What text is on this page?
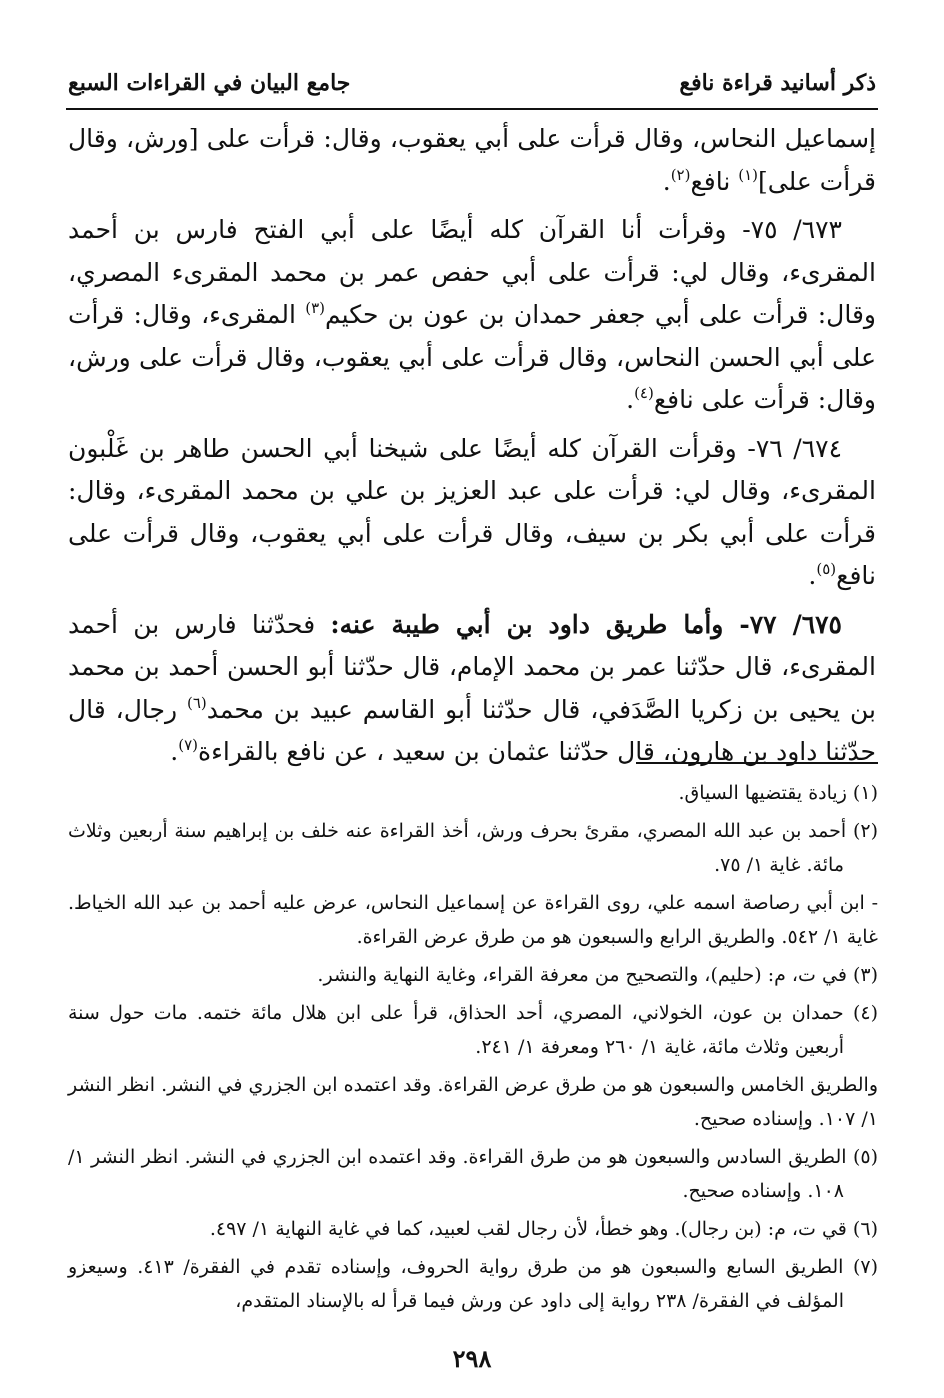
ذكر أسانيد قراءة نافع
جامع البيان في القراءات السبع

إسماعيل النحاس، وقال قرأت على أبي يعقوب، وقال: قرأت على [ورش، وقال قرأت على]$^{(١)}$ نافع$^{(٢)}$.

٦٧٣/ ٧٥- وقرأت أنا القرآن كله أيضًا على أبي الفتح فارس بن أحمد المقرىء، وقال لي: قرأت على أبي حفص عمر بن محمد المقرىء المصري، وقال: قرأت على أبي جعفر حمدان بن عون بن حكيم$^{(٣)}$ المقرىء، وقال: قرأت على أبي الحسن النحاس، وقال قرأت على أبي يعقوب، وقال قرأت على ورش، وقال: قرأت على نافع$^{(٤)}$.

٦٧٤/ ٧٦- وقرأت القرآن كله أيضًا على شيخنا أبي الحسن طاهر بن غَلْبون المقرىء، وقال لي: قرأت على عبد العزيز بن علي بن محمد المقرىء، وقال: قرأت على أبي بكر بن سيف، وقال قرأت على أبي يعقوب، وقال قرأت على نافع$^{(٥)}$.

٦٧٥/ ٧٧- وأما طريق داود بن أبي طيبة عنه: فحدّثنا فارس بن أحمد المقرىء، قال حدّثنا عمر بن محمد الإمام، قال حدّثنا أبو الحسن أحمد بن محمد بن يحيى بن زكريا الصَّدَفي، قال حدّثنا أبو القاسم عبيد بن محمد$^{(٦)}$ رجال، قال حدّثنا داود بن هارون، قال حدّثنا عثمان بن سعيد ، عن نافع بالقراءة$^{(٧)}$.

(١) زيادة يقتضيها السياق.
(٢) أحمد بن عبد الله المصري، مقرئ بحرف ورش، أخذ القراءة عنه خلف بن إبراهيم سنة أربعين وثلاث مائة. غاية ١/ ٧٥.
- ابن أبي رصاصة اسمه علي، روى القراءة عن إسماعيل النحاس، عرض عليه أحمد بن عبد الله الخياط. غاية ١/ ٥٤٢. والطريق الرابع والسبعون هو من طرق عرض القراءة.
(٣) في ت، م: (حليم)، والتصحيح من معرفة القراء، وغاية النهاية والنشر.
(٤) حمدان بن عون، الخولاني، المصري، أحد الحذاق، قرأ على ابن هلال مائة ختمه. مات حول سنة أربعين وثلاث مائة، غاية ١/ ٢٦٠ ومعرفة ١/ ٢٤١.
والطريق الخامس والسبعون هو من طرق عرض القراءة. وقد اعتمده ابن الجزري في النشر. انظر النشر ١/ ١٠٧. وإسناده صحيح.
(٥) الطريق السادس والسبعون هو من طرق القراءة. وقد اعتمده ابن الجزري في النشر. انظر النشر ١/ ١٠٨. وإسناده صحيح.
(٦) قي ت، م: (بن رجال). وهو خطأ، لأن رجال لقب لعبيد، كما في غاية النهاية ١/ ٤٩٧.
(٧) الطريق السابع والسبعون هو من طرق رواية الحروف، وإسناده تقدم في الفقرة/ ٤١٣. وسيعزو المؤلف في الفقرة/ ٢٣٨ رواية إلى داود عن ورش فيما قرأ له بالإسناد المتقدم،
٢٩٨
